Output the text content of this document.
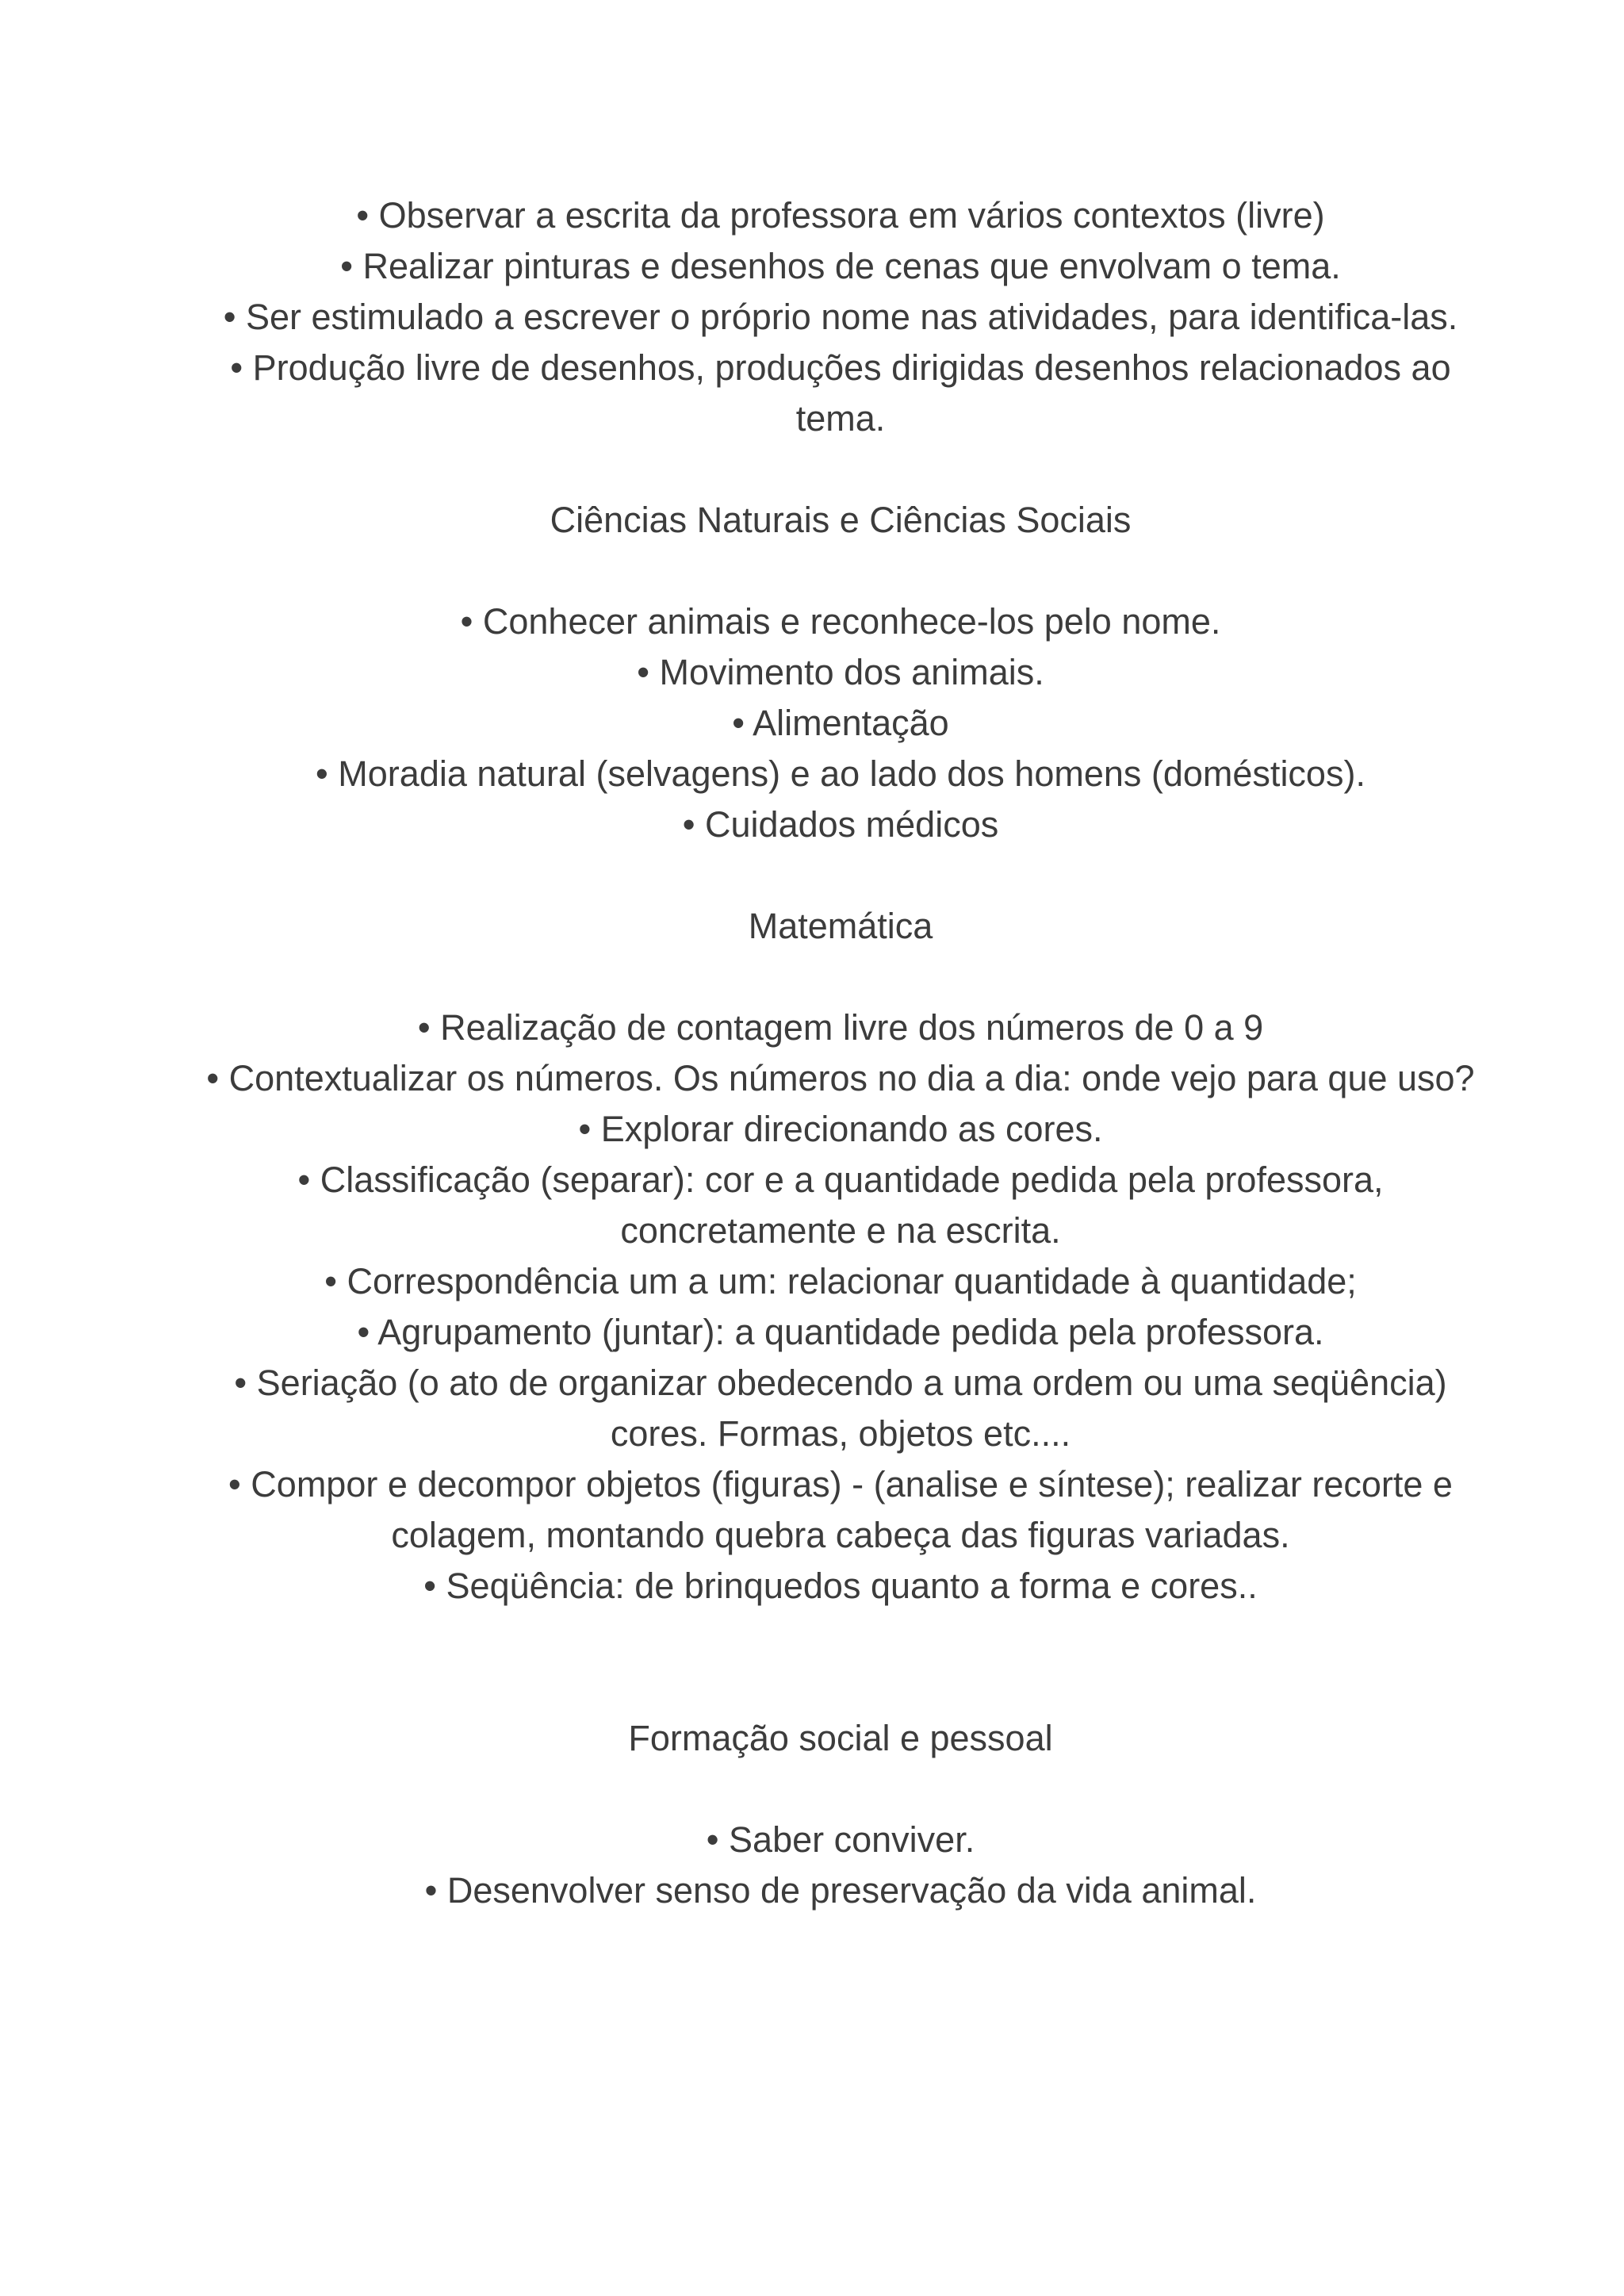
• Observar a escrita da professora em vários contextos (livre)
• Realizar pinturas e desenhos de cenas que envolvam o tema.
• Ser estimulado a escrever o próprio nome nas atividades, para identifica-las.
• Produção livre de desenhos, produções dirigidas desenhos relacionados ao
tema.
Ciências Naturais e Ciências Sociais
• Conhecer animais e reconhece-los pelo nome.
• Movimento dos animais.
• Alimentação
• Moradia natural (selvagens) e ao lado dos homens (domésticos).
• Cuidados médicos
Matemática
• Realização de contagem livre dos números de 0 a 9
• Contextualizar os números. Os números no dia a dia: onde vejo para que uso?
• Explorar direcionando as cores.
• Classificação (separar): cor e a quantidade pedida pela professora,
concretamente e na escrita.
• Correspondência um a um: relacionar quantidade à quantidade;
• Agrupamento (juntar): a quantidade pedida pela professora.
• Seriação (o ato de organizar obedecendo a uma ordem ou uma seqüência)
cores. Formas, objetos etc....
• Compor e decompor objetos (figuras) - (analise e síntese); realizar recorte e
colagem, montando quebra cabeça das figuras variadas.
• Seqüência: de brinquedos quanto a forma e cores..
Formação social e pessoal
• Saber conviver.
• Desenvolver senso de preservação da vida animal.
